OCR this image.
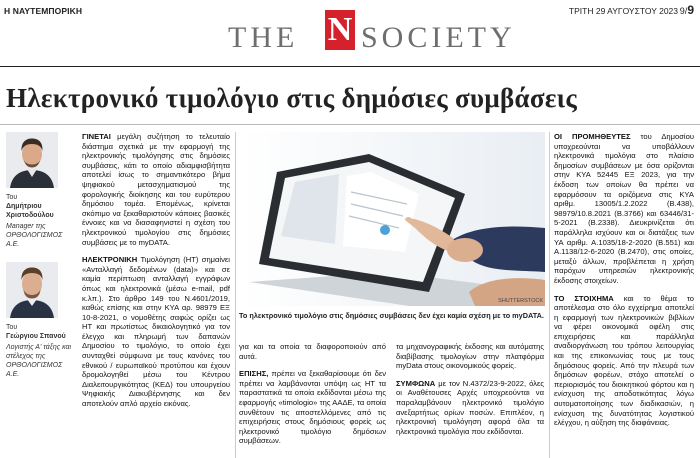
Η ΝΑΥΤΕΜΠΟΡΙΚΗ	ΤΡΙΤΗ 29 ΑΥΓΟΥΣΤΟΥ 2023 9/9
THE N SOCIETY
Ηλεκτρονικό τιμολόγιο στις δημόσιες συμβάσεις
Του
Δημήτριου Χριστοδούλου
Manager της ΟΡΘΟΛΟΓΙΣΜΟΣ Α.Ε.
Του
Γεώργιου Σπανού
Λογιστής Α' τάξης και στέλεχος της ΟΡΘΟΛΟΓΙΣΜΟΣ Α.Ε.

ΓΙΝΕΤΑΙ μεγάλη συζήτηση το τελευταίο διάστημα σχετικά με την εφαρμογή της ηλεκτρονικής τιμολόγησης στις δημόσιες συμβάσεις, κάτι το οποίο αδιαμφισβήτητα αποτελεί ίσως το σημαντικότερο βήμα ψηφιακού μετασχηματισμού της φορολογικής διοίκησης και του ευρύτερου δημόσιου τομέα. Επομένως, κρίνεται σκόπιμο να ξεκαθαριστούν κάποιες βασικές έννοιες και να διασαφηνιστεί η σχέση του ηλεκτρονικού τιμολογίου στις δημόσιες συμβάσεις με το myDATA.

ΗΛΕΚΤΡΟΝΙΚΗ Τιμολόγηση (ΗΤ) σημαίνει «Ανταλλαγή δεδομένων (data)» και σε καμία περίπτωση ανταλλαγή εγγράφων όπως και ηλεκτρονικά (μέσω e-mail, pdf κ.λπ.). Στο άρθρο 149 του Ν.4601/2019, καθώς επίσης και στην ΚΥΑ αρ. 98979 ΕΞ 10-8-2021, ο νομοθέτης σαφώς ορίζει ως ΗΤ και πρωτίστως δικαιολογητικό για τον έλεγχο και πληρωμή των δαπανών Δημοσίου το τιμολόγιο, το οποίο έχει συνταχθεί σύμφωνα με τους κανόνες του εθνικού / ευρωπαϊκού προτύπου και έχουν δρομολογηθεί μέσω του Κέντρου Διαλειτουργικότητας (ΚΕΔ) του υπουργείου Ψηφιακής Διακυβέρνησης και δεν αποτελούν απλό αρχείο εικόνας.

SHUTTERSTOCK
Το ηλεκτρονικό τιμολόγιο στις δημόσιες συμβάσεις δεν έχει καμία σχέση με το myDATA.

για και τα οποία τα διαφοροποιούν από αυτά.

ΕΠΙΣΗΣ, πρέπει να ξεκαθαρίσουμε ότι δεν πρέπει να λαμβάνονται υπόψη ως ΗΤ τα παραστατικά τα οποία εκδίδονται μέσω της εφαρμογής «timologio» της ΑΑΔΕ, τα οποία συνθέτουν τις αποστελλόμενες από τις επιχειρήσεις στους δημόσιους φορείς ως ηλεκτρονικό τιμολόγιο δημόσιων συμβάσεων.

τα μηχανογραφικής έκδοσης και αυτόματης διαβίβασης τιμολογίων στην πλατφόρμα myData στους οικονομικούς φορείς.

ΣΥΜΦΩΝΑ με τον Ν.4372/23-9-2022, όλες οι Αναθέτουσες Αρχές υποχρεούνται να παραλαμβάνουν ηλεκτρονικό τιμολόγιο ανεξαρτήτως ορίων ποσών. Επιπλέον, η ηλεκτρονική τιμολόγηση αφορά όλα τα ηλεκτρονικά τιμολόγια που εκδίδονται.

ΟΙ ΠΡΟΜΗΘΕΥΤΕΣ του Δημοσίου υποχρεούνται να υποβάλλουν ηλεκτρονικά τιμολόγια στο πλαίσιο δημοσίων συμβάσεων με όσα ορίζονται στην ΚΥΑ 52445 ΕΞ 2023, για την έκδοση των οποίων θα πρέπει να εφαρμόσουν τα οριζόμενα στις ΚΥΑ αριθμ. 13005/1.2.2022 (Β.438), 98979/10.8.2021 (Β.3766) και 63446/31-5-2021 (Β.2338). Διευκρινίζεται ότι παράλληλα ισχύουν και οι διατάξεις των ΥΑ αριθμ. Α.1035/18-2-2020 (Β.551) και Α.1138/12-6-2020 (Β.2470), στις οποίες, μεταξύ άλλων, προβλέπεται η χρήση παρόχων υπηρεσιών ηλεκτρονικής έκδοσης στοιχείων.

ΤΟ ΣΤΟΙΧΗΜΑ και το θέμα το αποτέλεσμα στο όλο εγχείρημα αποτελεί η εφαρμογή των ηλεκτρονικών βιβλίων να φέρει οικονομικά οφέλη στις επιχειρήσεις και παράλληλα αναδιοργάνωση του τρόπου λειτουργίας και της επικοινωνίας τους με τους δημόσιους φορείς. Από την πλευρά των δημόσιων φορέων, στόχο αποτελεί ο περιορισμός του διοικητικού φόρτου και η ενίσχυση της αποδοτικότητας λόγω αυτοματοποίησης των διαδικασιών, η ενίσχυση της δυνατότητας λογιστικού ελέγχου, η αύξηση της διαφάνειας.
